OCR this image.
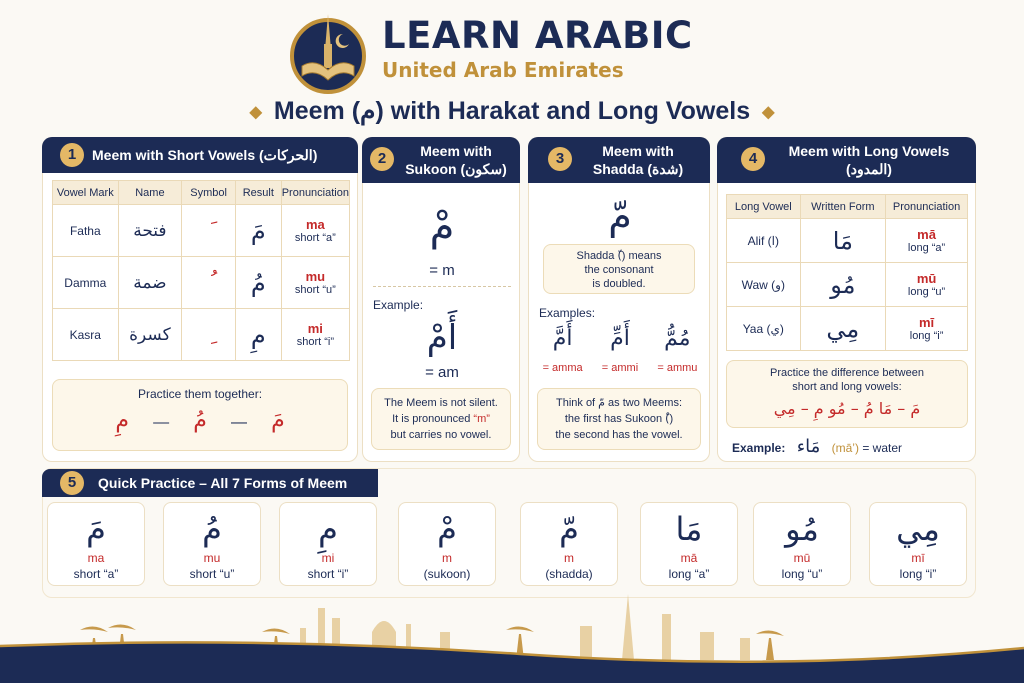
LEARN ARABIC
United Arab Emirates
◆ Meem (م) with Harakat and Long Vowels ◆
1	Meem with Short Vowels (الحركات)
Vowel Mark	Name	Symbol	Result	Pronunciation
Fatha	فتحة		مَ	ma
short “a”

Damma	ضمة		مُ	mu
short “u”

Kasra	كسرة		مِ	mi
short “i”
Practice them together:
مَ — مُ — مِ
2	Meem with
Sukoon (سكون)
مْ
= m
Example:
أَمْ
= am
The Meem is not silent.
It is pronounced “m”
but carries no vowel.
3	Meem with
Shadda (شدة)
مّ
Shadda (ّ) means
the consonant
is doubled.
Examples:
أَمَّ
= amma
أَمِّ
= ammi
مُمُّ
= ammu
Think of مّ as two Meems:
the first has Sukoon (ْ)
the second has the vowel.
4	Meem with Long Vowels
(المدود)
Long Vowel	Written Form	Pronunciation
Alif (ا)	مَا	mā
long “a”

Waw (و)	مُو	mū
long “u”

Yaa (ي)	مِي	mī
long “i”
Practice the difference between
short and long vowels:
مَ – مَا مُ – مُو مِ – مِي
Example: مَاء (mā’) = water
5	Quick Practice – All 7 Forms of Meem
مَ
ma
short “a”
مُ
mu
short “u”
مِ
mi
short “i”
مْ
m
(sukoon)
مّ
m
(shadda)
مَا
mā
long “a”
مُو
mū
long “u”
مِي
mī
long “i”
